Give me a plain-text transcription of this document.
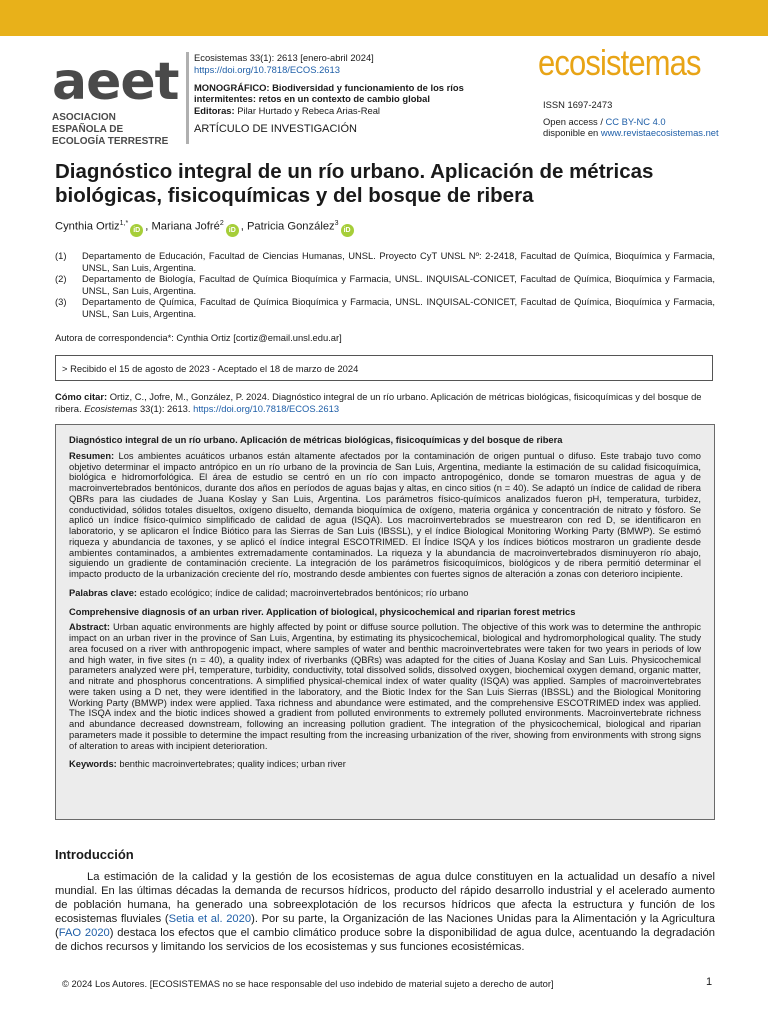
aeet
ASOCIACION ESPAÑOLA DE ECOLOGÍA TERRESTRE
Ecosistemas 33(1): 2613 [enero-abril 2024]
https://doi.org/10.7818/ECOS.2613
MONOGRÁFICO: Biodiversidad y funcionamiento de los ríos intermitentes: retos en un contexto de cambio global
Editoras: Pilar Hurtado y Rebeca Arias-Real
ARTÍCULO DE INVESTIGACIÓN
ecosistemas
ISSN 1697-2473
Open access / CC BY-NC 4.0
disponible en www.revistaecosistemas.net
Diagnóstico integral de un río urbano. Aplicación de métricas biológicas, fisicoquímicas y del bosque de ribera
Cynthia Ortiz$^{1,*}$iD , Mariana Jofré$^2$iD , Patricia González$^3$iD
(1) Departamento de Educación, Facultad de Ciencias Humanas, UNSL. Proyecto CyT UNSL Nº: 2-2418, Facultad de Química, Bioquímica y Farmacia, UNSL, San Luis, Argentina.
(2) Departamento de Biología, Facultad de Química Bioquímica y Farmacia, UNSL. INQUISAL-CONICET, Facultad de Química, Bioquímica y Farmacia, UNSL, San Luis, Argentina.
(3) Departamento de Química, Facultad de Química Bioquímica y Farmacia, UNSL. INQUISAL-CONICET, Facultad de Química, Bioquímica y Farmacia, UNSL, San Luis, Argentina.
Autora de correspondencia*: Cynthia Ortiz [cortiz@email.unsl.edu.ar]
> Recibido el 15 de agosto de 2023 - Aceptado el 18 de marzo de 2024
Cómo citar: Ortiz, C., Jofre, M., González, P. 2024. Diagnóstico integral de un río urbano. Aplicación de métricas biológicas, fisicoquímicas y del bosque de ribera. Ecosistemas 33(1): 2613. https://doi.org/10.7818/ECOS.2613

Diagnóstico integral de un río urbano. Aplicación de métricas biológicas, fisicoquímicas y del bosque de ribera

Resumen: Los ambientes acuáticos urbanos están altamente afectados por la contaminación de origen puntual o difuso. Este trabajo tuvo como objetivo determinar el impacto antrópico en un río urbano de la provincia de San Luis, Argentina, mediante la estimación de su calidad fisicoquímica, biológica e hidromorfológica. El área de estudio se centró en un río con impacto antropogénico, donde se tomaron muestras de agua y de macroinvertebrados bentónicos, durante dos años en períodos de aguas bajas y altas, en cinco sitios (n = 40). Se adaptó un índice de calidad de ribera QBRs para las ciudades de Juana Koslay y San Luis, Argentina. Los parámetros físico-químicos analizados fueron pH, temperatura, turbidez, conductividad, sólidos totales disueltos, oxígeno disuelto, demanda bioquímica de oxígeno, materia orgánica y concentración de nitrato y fósforo. Se aplicó un índice físico-químico simplificado de calidad de agua (ISQA). Los macroinvertebrados se muestrearon con red D, se identificaron en laboratorio, y se aplicaron el Índice Biótico para las Sierras de San Luis (IBSSL), y el índice Biological Monitoring Working Party (BMWP). Se estimó riqueza y abundancia de taxones, y se aplicó el índice integral ESCOTRIMED. El Índice ISQA y los índices bióticos mostraron un gradiente desde ambientes contaminados, a ambientes extremadamente contaminados. La riqueza y la abundancia de macroinvertebrados disminuyeron río abajo, siguiendo un gradiente de contaminación creciente. La integración de los parámetros fisicoquímicos, biológicos y de ribera permitió determinar el impacto producto de la urbanización creciente del río, mostrando desde ambientes con fuertes signos de alteración a zonas con deterioro incipiente.

Palabras clave: estado ecológico; índice de calidad; macroinvertebrados bentónicos; río urbano

Comprehensive diagnosis of an urban river. Application of biological, physicochemical and riparian forest metrics

Abstract: Urban aquatic environments are highly affected by point or diffuse source pollution. The objective of this work was to determine the anthropic impact on an urban river in the province of San Luis, Argentina, by estimating its physicochemical, biological and hydromorphological quality. The study area focused on a river with anthropogenic impact, where samples of water and benthic macroinvertebrates were taken for two years in periods of low and high water, in five sites (n = 40), a quality index of riverbanks (QBRs) was adapted for the cities of Juana Koslay and San Luis. Physicochemical parameters analyzed were pH, temperature, turbidity, conductivity, total dissolved solids, dissolved oxygen, biochemical oxygen demand, organic matter, and nitrate and phosphorus concentrations. A simplified physical-chemical index of water quality (ISQA) was applied. Samples of macroinvertebrates were taken using a D net, they were identified in the laboratory, and the Biotic Index for the San Luis Sierras (IBSSL) and the Biological Monitoring Working Party (BMWP) index were applied. Taxa richness and abundance were estimated, and the comprehensive ESCOTRIMED index was applied. The ISQA index and the biotic indices showed a gradient from polluted environments to extremely polluted environments. Macroinvertebrate richness and abundance decreased downstream, following an increasing pollution gradient. The integration of the physicochemical, biological and riparian parameters made it possible to determine the impact resulting from the increasing urbanization of the river, showing from environments with strong signs of alteration to areas with incipient deterioration.

Keywords: benthic macroinvertebrates; quality indices; urban river

Introducción

La estimación de la calidad y la gestión de los ecosistemas de agua dulce constituyen en la actualidad un desafío a nivel mundial. En las últimas décadas la demanda de recursos hídricos, producto del rápido desarrollo industrial y el acelerado aumento de población humana, ha generado una sobreexplotación de los recursos hídricos que afecta la estructura y función de los ecosistemas fluviales (Setia et al. 2020). Por su parte, la Organización de las Naciones Unidas para la Alimentación y la Agricultura (FAO 2020) destaca los efectos que el cambio climático produce sobre la disponibilidad de agua dulce, acentuando la degradación de dichos recursos y limitando los servicios de los ecosistemas y sus funciones ecosistémicas.

© 2024 Los Autores. [ECOSISTEMAS no se hace responsable del uso indebido de material sujeto a derecho de autor]	1
